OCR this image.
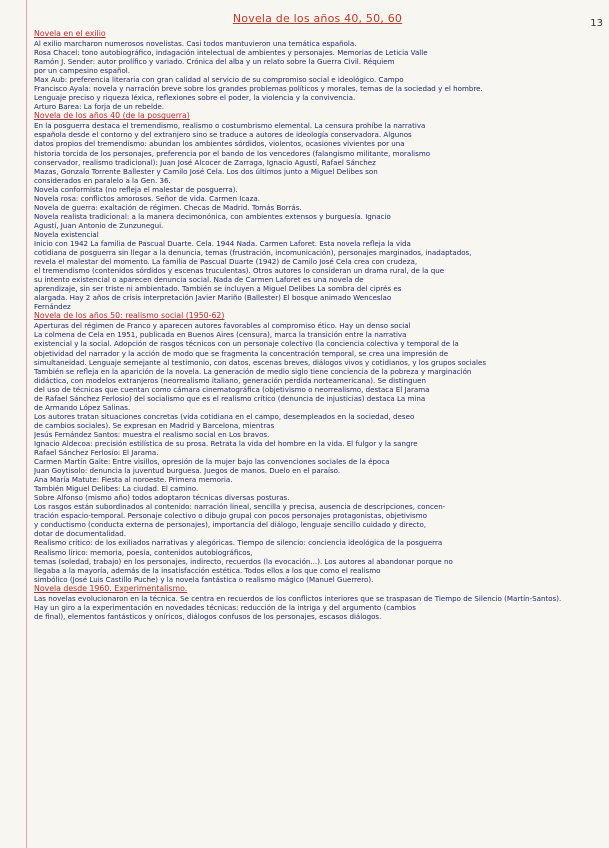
13
Novela de los años 40, 50, 60
Novela en el exilio
Al exilio marcharon numerosos novelistas. Casi todos mantuvieron una temática española.
Rosa Chacel: tono autobiográfico, indagación intelectual de ambientes y personajes. Memorias de Leticia Valle
Ramón J. Sender: autor prolífico y variado. Crónica del alba y un relato sobre la Guerra Civil. Réquiem
por un campesino español.
Max Aub: preferencia literaria con gran calidad al servicio de su compromiso social e ideológico. Campo
Francisco Ayala: novela y narración breve sobre los grandes problemas políticos y morales, temas de la sociedad y el hombre.
Lenguaje preciso y riqueza léxica, reflexiones sobre el poder, la violencia y la convivencia.
Arturo Barea: La forja de un rebelde.
Novela de los años 40 (de la posguerra)
En la posguerra destaca el tremendismo, realismo o costumbrismo elemental. La censura prohíbe la narrativa
española desde el contorno y del extranjero sino se traduce a autores de ideología conservadora. Algunos
datos propios del tremendismo: abundan los ambientes sórdidos, violentos, ocasiones vivientes por una
historia torcida de los personajes, preferencia por el bando de los vencedores (falangismo militante, moralismo
conservador, realismo tradicional): Juan José Alcocer de Zarraga, Ignacio Agustí, Rafael Sánchez
Mazas, Gonzalo Torrente Ballester y Camilo José Cela. Los dos últimos junto a Miguel Delibes son
considerados en paralelo a la Gen. 36.
Novela conformista (no refleja el malestar de posguerra).
Novela rosa: conflictos amorosos. Señor de vida. Carmen Icaza.
Novela de guerra: exaltación de régimen. Checas de Madrid. Tomás Borrás.
Novela realista tradicional: a la manera decimonónica, con ambientes extensos y burguesía. Ignacio
Agustí, Juan Antonio de Zunzunegui.
Novela existencial
Inicio con 1942 La familia de Pascual Duarte. Cela. 1944 Nada. Carmen Laforet. Esta novela refleja la vida
cotidiana de posguerra sin llegar a la denuncia, temas (frustración, incomunicación), personajes marginados, inadaptados,
revela el malestar del momento. La familia de Pascual Duarte (1942) de Camilo José Cela crea con crudeza,
el tremendismo (contenidos sórdidos y escenas truculentas). Otros autores lo consideran un drama rural, de la que
su intento existencial o aparecen denuncia social. Nada de Carmen Laforet es una novela de
aprendizaje, sin ser triste ni ambientado. También se incluyen a Miguel Delibes La sombra del ciprés es
alargada. Hay 2 años de crisis interpretación Javier Mariño (Ballester) El bosque animado Wenceslao
Fernández
Novela de los años 50: realismo social (1950-62)
Aperturas del régimen de Franco y aparecen autores favorables al compromiso ético. Hay un denso social
La colmena de Cela en 1951, publicada en Buenos Aires (censura), marca la transición entre la narrativa
existencial y la social. Adopción de rasgos técnicos con un personaje colectivo (la conciencia colectiva y temporal de la
objetividad del narrador y la acción de modo que se fragmenta la concentración temporal, se crea una impresión de
simultaneidad. Lenguaje semejante al testimonio, con datos, escenas breves, diálogos vivos y cotidianos, y los grupos sociales
También se refleja en la aparición de la novela. La generación de medio siglo tiene conciencia de la pobreza y marginación
didáctica, con modelos extranjeros (neorrealismo italiano, generación perdida norteamericana). Se distinguen
del uso de técnicas que cuentan como cámara cinematográfica (objetivismo o neorrealismo, destaca El Jarama
de Rafael Sánchez Ferlosio) del socialismo que es el realismo crítico (denuncia de injusticias) destaca La mina
de Armando López Salinas.
Los autores tratan situaciones concretas (vida cotidiana en el campo, desempleados en la sociedad, deseo
de cambios sociales). Se expresan en Madrid y Barcelona, mientras
Jesús Fernández Santos: muestra el realismo social en Los bravos.
Ignacio Aldecoa: precisión estilística de su prosa. Retrata la vida del hombre en la vida. El fulgor y la sangre
Rafael Sánchez Ferlosio: El Jarama.
Carmen Martín Gaite: Entre visillos, opresión de la mujer bajo las convenciones sociales de la época
Juan Goytisolo: denuncia la juventud burguesa. Juegos de manos. Duelo en el paraíso.
Ana María Matute: Fiesta al noroeste. Primera memoria.
También Miguel Delibes: La ciudad. El camino.
Sobre Alfonso (mismo año) todos adoptaron técnicas diversas posturas.
Los rasgos están subordinados al contenido: narración lineal, sencilla y precisa, ausencia de descripciones, concen-
tración espacio-temporal. Personaje colectivo o dibujo grupal con pocos personajes protagonistas, objetivismo
y conductismo (conducta externa de personajes), importancia del diálogo, lenguaje sencillo cuidado y directo,
dotar de documentalidad.
Realismo crítico: de los exiliados narrativas y alegóricas. Tiempo de silencio: conciencia ideológica de la posguerra
Realismo lírico: memoria, poesía, contenidos autobiográficos,
temas (soledad, trabajo) en los personajes, indirecto, recuerdos (la evocación...). Los autores al abandonar porque no
llegaba a la mayoría, además de la insatisfacción estética. Todos ellos a los que como el realismo
simbólico (José Luis Castillo Puche) y la novela fantástica o realismo mágico (Manuel Guerrero).
Novela desde 1960. Experimentalismo.
Las novelas evolucionaron en la técnica. Se centra en recuerdos de los conflictos interiores que se traspasan de Tiempo de Silencio (Martín-Santos).
Hay un giro a la experimentación en novedades técnicas: reducción de la intriga y del argumento (cambios
de final), elementos fantásticos y oníricos, diálogos confusos de los personajes, escasos diálogos.
